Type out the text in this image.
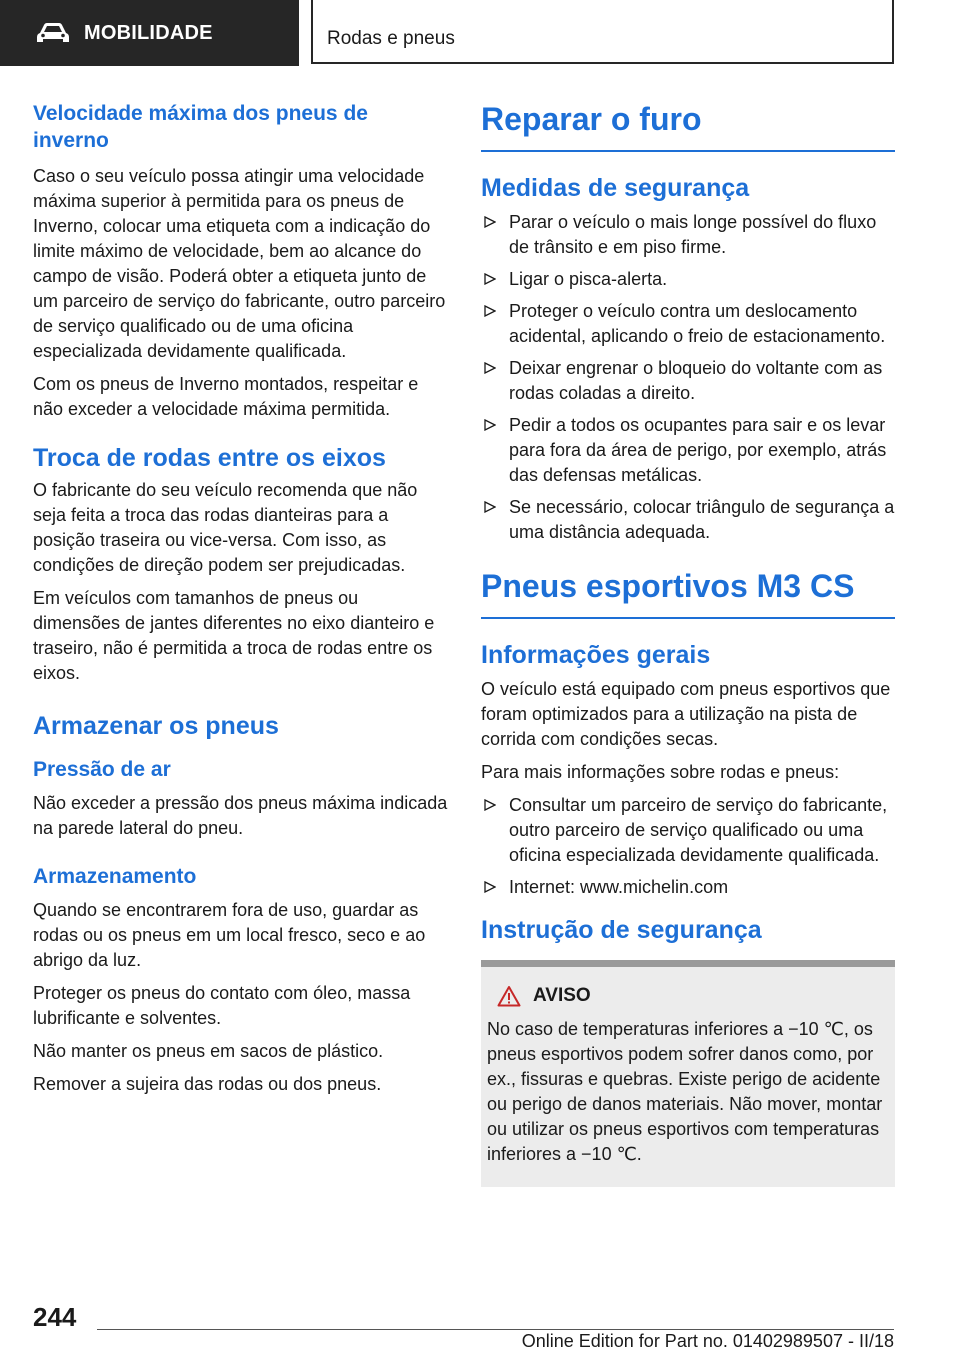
MOBILIDADE	Rodas e pneus
Velocidade máxima dos pneus de inverno

Caso o seu veículo possa atingir uma velocidade máxima superior à permitida para os pneus de Inverno, colocar uma etiqueta com a indicação do limite máximo de velocidade, bem ao alcance do campo de visão. Poderá obter a etiqueta junto de um parceiro de serviço do fabricante, outro parceiro de serviço qualificado ou de uma oficina especializada devidamente qualificada.

Com os pneus de Inverno montados, respeitar e não exceder a velocidade máxima permitida.

Troca de rodas entre os eixos

O fabricante do seu veículo recomenda que não seja feita a troca das rodas dianteiras para a posição traseira ou vice-versa. Com isso, as condições de direção podem ser prejudicadas.

Em veículos com tamanhos de pneus ou dimensões de jantes diferentes no eixo dianteiro e traseiro, não é permitida a troca de rodas entre os eixos.

Armazenar os pneus
Pressão de ar

Não exceder a pressão dos pneus máxima indicada na parede lateral do pneu.

Armazenamento

Quando se encontrarem fora de uso, guardar as rodas ou os pneus em um local fresco, seco e ao abrigo da luz.

Proteger os pneus do contato com óleo, massa lubrificante e solventes.

Não manter os pneus em sacos de plástico.

Remover a sujeira das rodas ou dos pneus.

Reparar o furo
Medidas de segurança
Parar o veículo o mais longe possível do fluxo de trânsito e em piso firme.
Ligar o pisca-alerta.
Proteger o veículo contra um deslocamento acidental, aplicando o freio de estacionamento.
Deixar engrenar o bloqueio do voltante com as rodas coladas a direito.
Pedir a todos os ocupantes para sair e os levar para fora da área de perigo, por exemplo, atrás das defensas metálicas.
Se necessário, colocar triângulo de segurança a uma distância adequada.
Pneus esportivos M3 CS
Informações gerais

O veículo está equipado com pneus esportivos que foram optimizados para a utilização na pista de corrida com condições secas.

Para mais informações sobre rodas e pneus:

Consultar um parceiro de serviço do fabricante, outro parceiro de serviço qualificado ou uma oficina especializada devidamente qualificada.
Internet: www.michelin.com
Instrução de segurança
AVISO

No caso de temperaturas inferiores a −10 ℃, os pneus esportivos podem sofrer danos como, por ex., fissuras e quebras. Existe perigo de acidente ou perigo de danos materiais. Não mover, montar ou utilizar os pneus esportivos com temperaturas inferiores a −10 ℃.

244
Online Edition for Part no. 01402989507 - II/18
